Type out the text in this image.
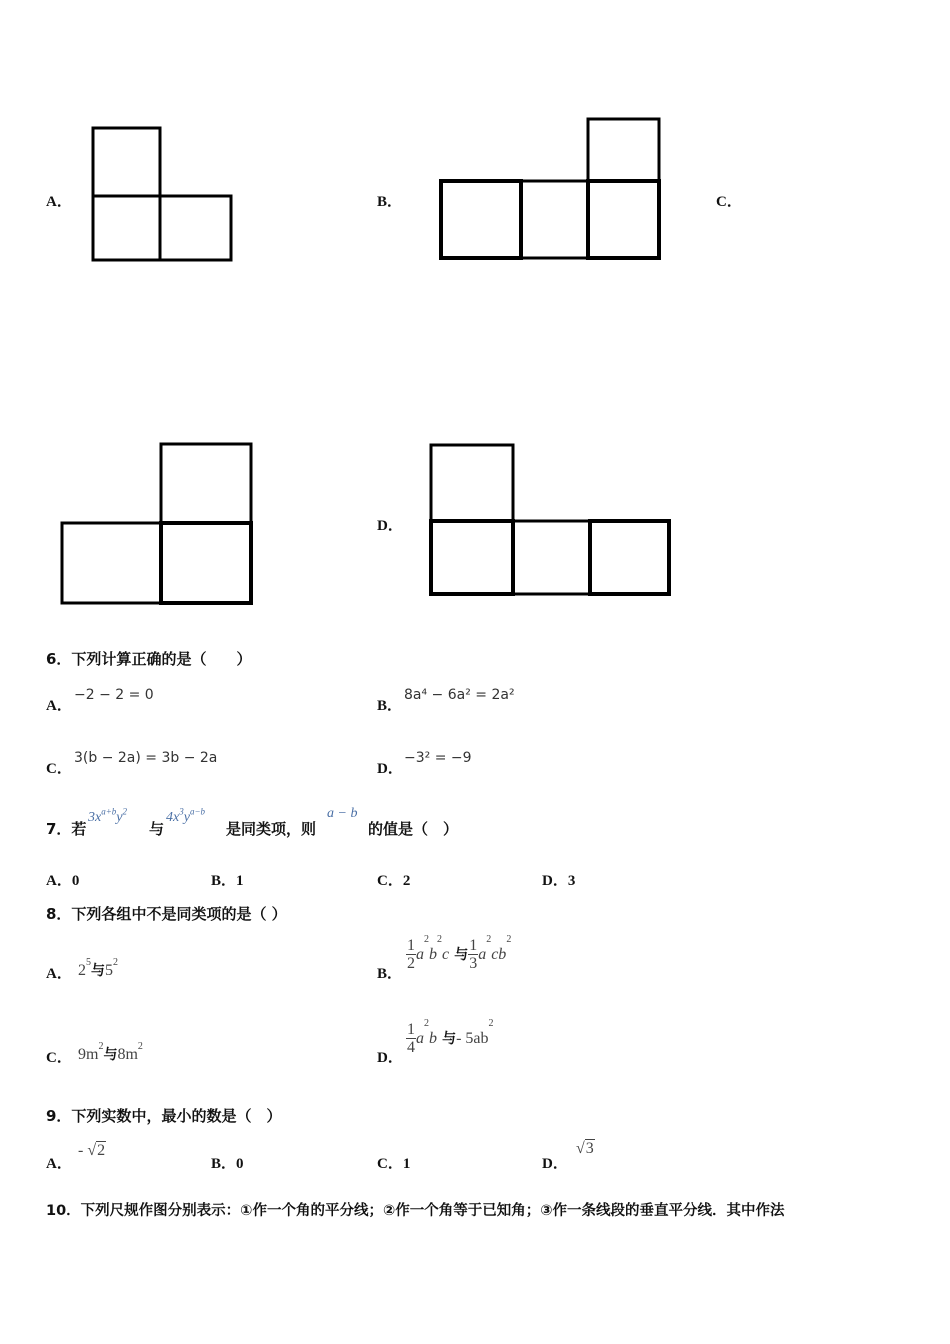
A．	B．	C．
D．
6．下列计算正确的是（　　）
A．
−2 − 2 = 0
B．
8a⁴ − 6a² = 2a²
C．
3(b − 2a) = 3b − 2a
D．
−3² = −9
7．若
$3x^{a+b}y^2$
与
$4x^3y^{a-b}$
是同类项，则
a − b
的值是（　）
A．0	B．1	C．2	D．3
8．下列各组中不是同类项的是（ ）
A． $2^5$与$5^2$
B．
$\frac{1}{2} a^2b^2c$ 与 $\frac{1}{3} a^2cb^2$
C． $9m^2$与$8m^2$
D．
$\frac{1}{4} a^2b$ 与- $5ab^2$
9．下列实数中，最小的数是（　）
A．
- √2
B．0	C．1	D．
√3
10．下列尺规作图分别表示：①作一个角的平分线；②作一个角等于已知角；③作一条线段的垂直平分线．其中作法
